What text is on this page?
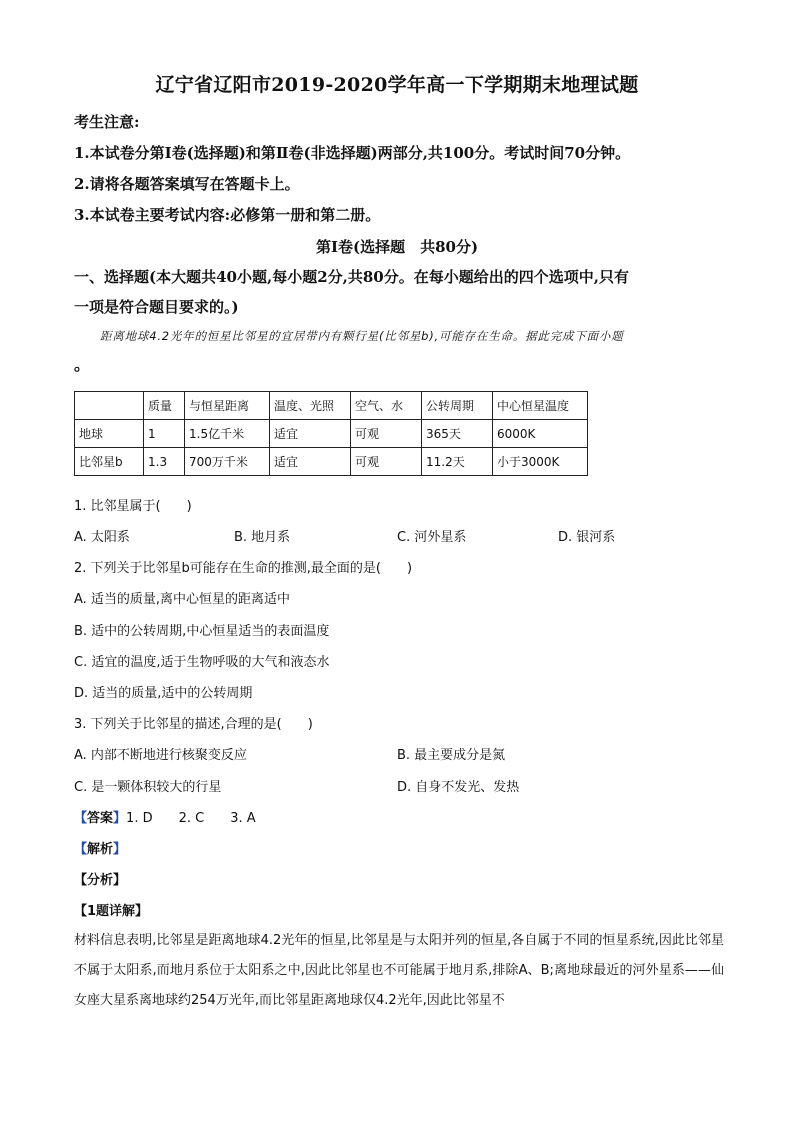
辽宁省辽阳市2019-2020学年高一下学期期末地理试题
考生注意:
1.本试卷分第Ⅰ卷(选择题)和第Ⅱ卷(非选择题)两部分,共100分。考试时间70分钟。
2.请将各题答案填写在答题卡上。
3.本试卷主要考试内容:必修第一册和第二册。
第Ⅰ卷(选择题　共80分)
一、选择题(本大题共40小题,每小题2分,共80分。在每小题给出的四个选项中,只有
一项是符合题目要求的。)
距离地球4.2光年的恒星比邻星的宜居带内有颗行星(比邻星b),可能存在生命。据此完成下面小题
。
	质量	与恒星距离	温度、光照	空气、水	公转周期	中心恒星温度
地球	1	1.5亿千米	适宜	可观	365天	6000K
比邻星b	1.3	700万千米	适宜	可观	11.2天	小于3000K
1. 比邻星属于(　　)
A. 太阳系	B. 地月系	C. 河外星系	D. 银河系
2. 下列关于比邻星b可能存在生命的推测,最全面的是(　　)
A. 适当的质量,离中心恒星的距离适中
B. 适中的公转周期,中心恒星适当的表面温度
C. 适宜的温度,适于生物呼吸的大气和液态水
D. 适当的质量,适中的公转周期
3. 下列关于比邻星的描述,合理的是(　　)
A. 内部不断地进行核聚变反应	B. 最主要成分是氮
C. 是一颗体积较大的行星	D. 自身不发光、发热
【答案】1. D　　2. C　　3. A
【解析】
【分析】
【1题详解】
材料信息表明,比邻星是距离地球4.2光年的恒星,比邻星是与太阳并列的恒星,各自属于不同的恒星系统,因此比邻星不属于太阳系,而地月系位于太阳系之中,因此比邻星也不可能属于地月系,排除A、B;离地球最近的河外星系——仙女座大星系离地球约254万光年,而比邻星距离地球仅4.2光年,因此比邻星不
